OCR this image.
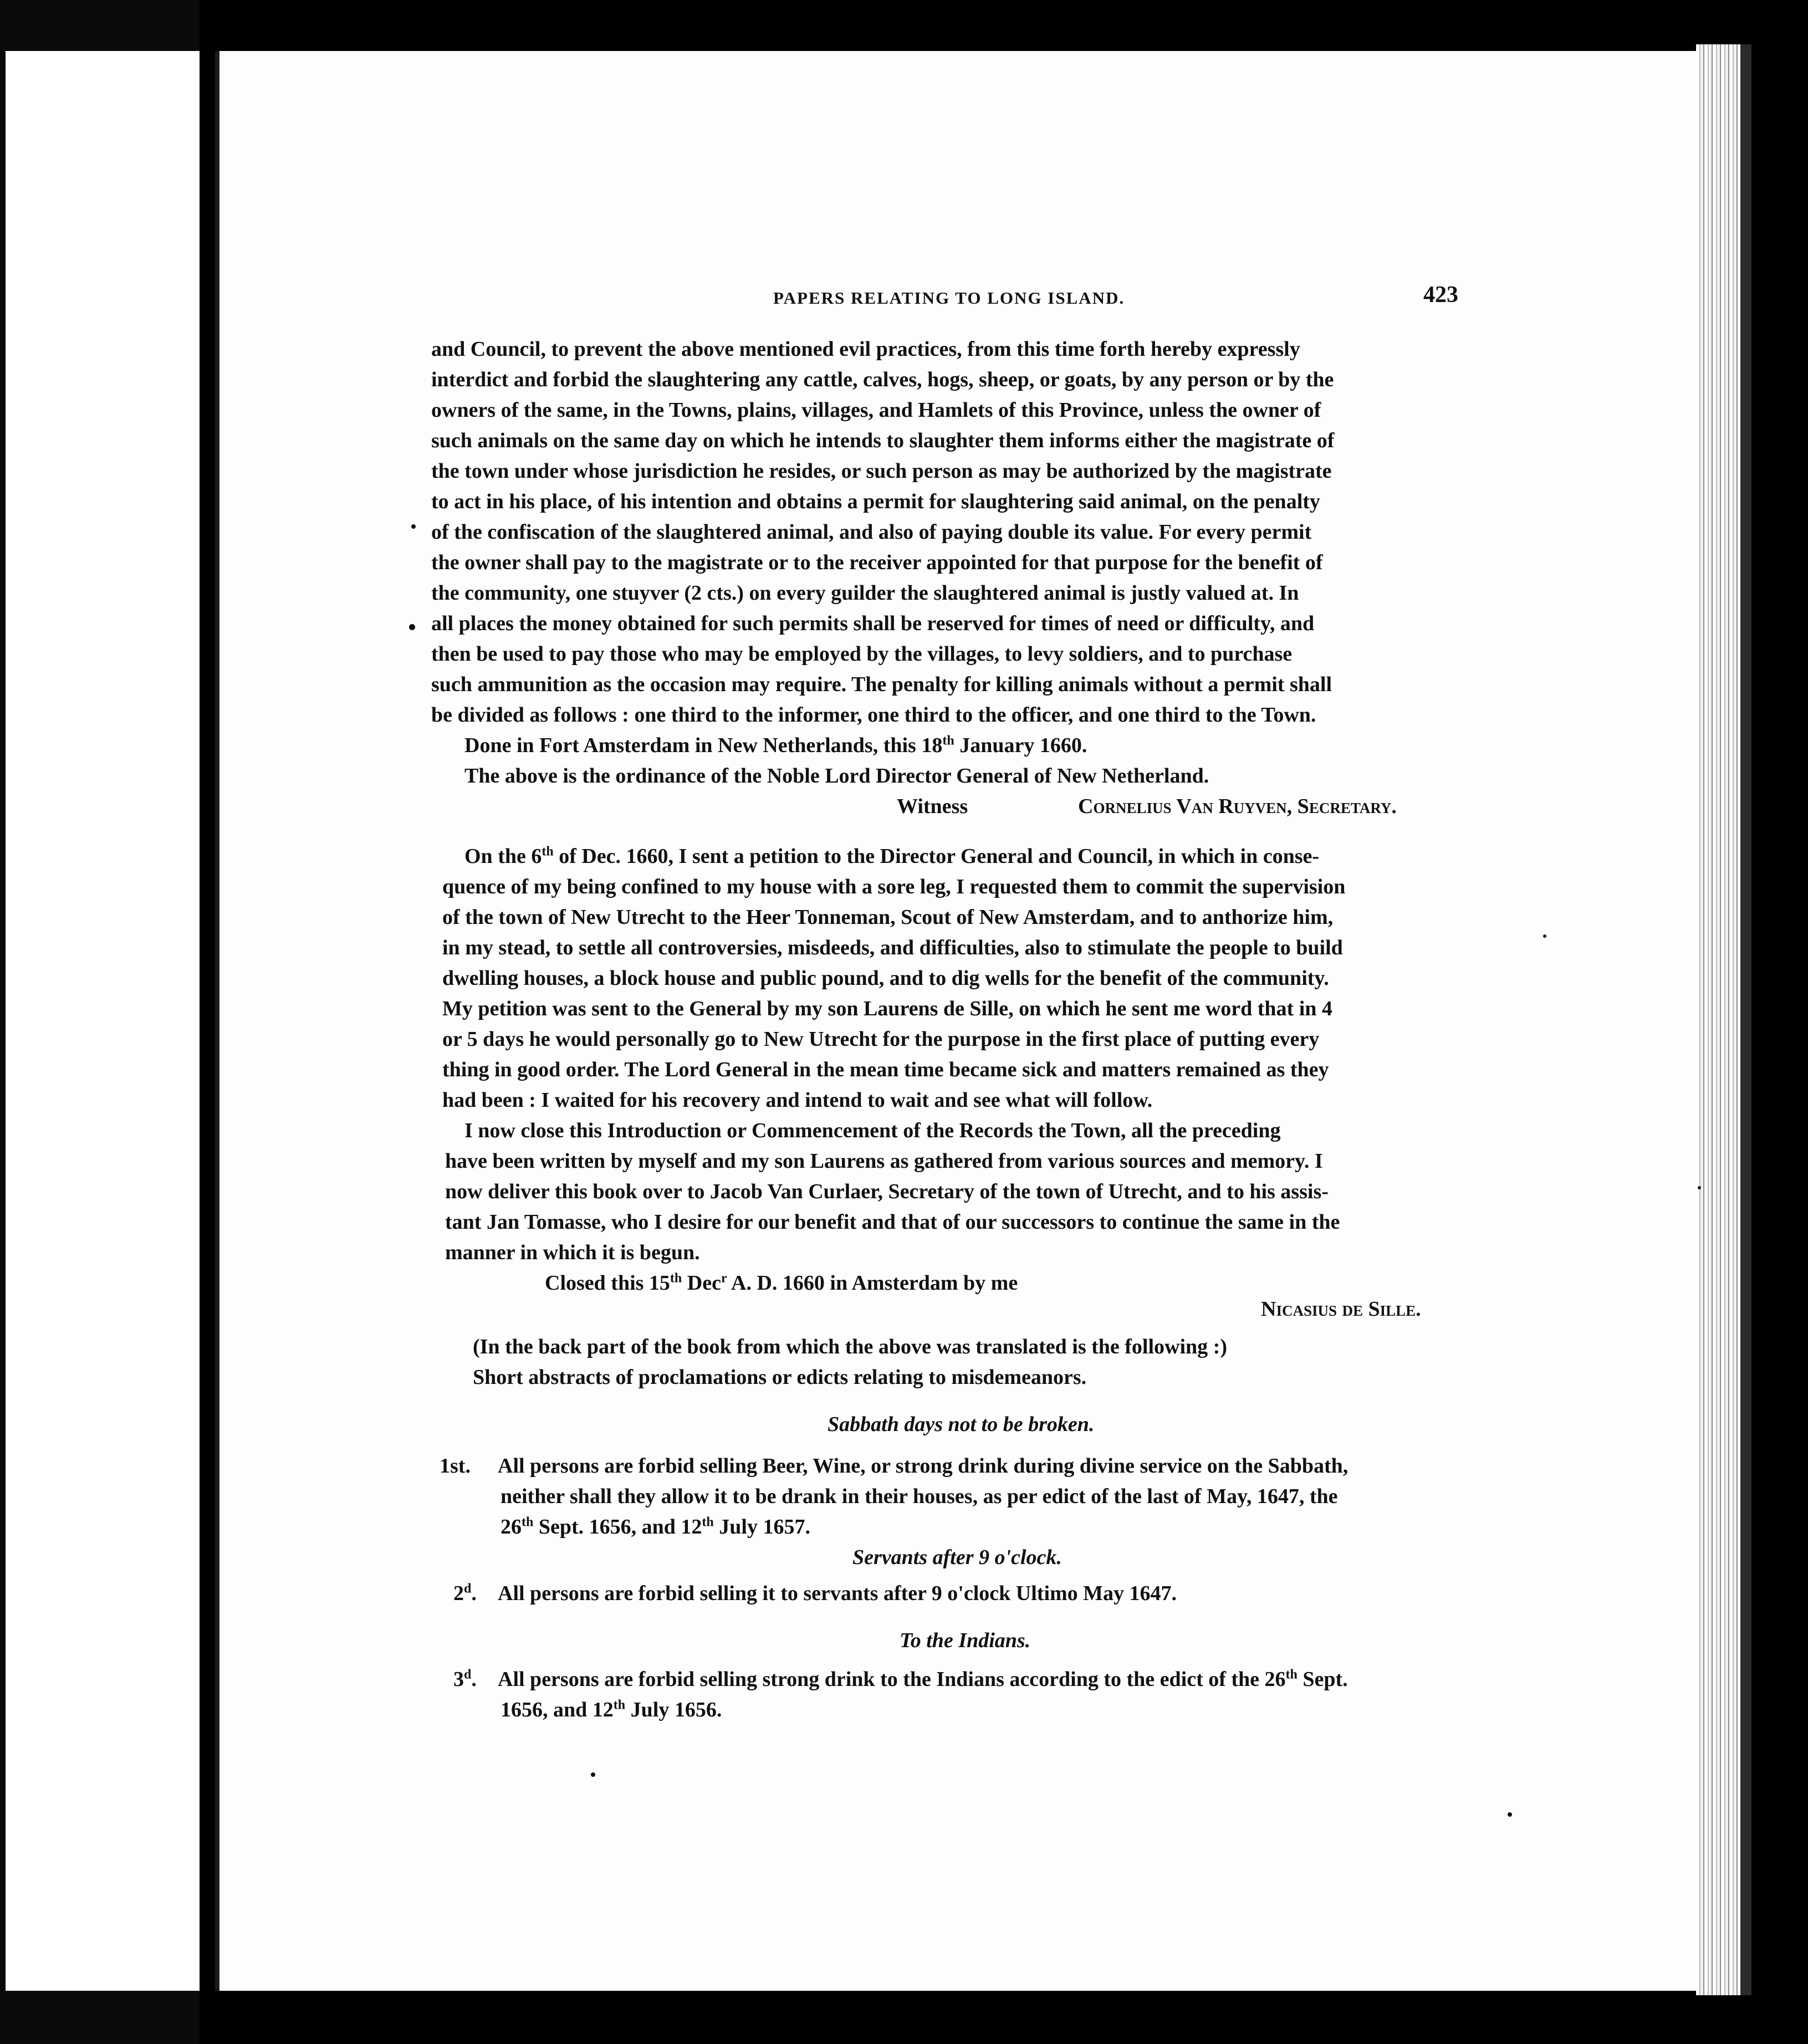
PAPERS RELATING TO LONG ISLAND.	423
and Council, to prevent the above mentioned evil practices, from this time forth hereby expressly
interdict and forbid the slaughtering any cattle, calves, hogs, sheep, or goats, by any person or by the
owners of the same, in the Towns, plains, villages, and Hamlets of this Province, unless the owner of
such animals on the same day on which he intends to slaughter them informs either the magistrate of
the town under whose jurisdiction he resides, or such person as may be authorized by the magistrate
to act in his place, of his intention and obtains a permit for slaughtering said animal, on the penalty
of the confiscation of the slaughtered animal, and also of paying double its value. For every permit
the owner shall pay to the magistrate or to the receiver appointed for that purpose for the benefit of
the community, one stuyver (2 cts.) on every guilder the slaughtered animal is justly valued at. In
all places the money obtained for such permits shall be reserved for times of need or difficulty, and
then be used to pay those who may be employed by the villages, to levy soldiers, and to purchase
such ammunition as the occasion may require. The penalty for killing animals without a permit shall
be divided as follows : one third to the informer, one third to the officer, and one third to the Town.
Done in Fort Amsterdam in New Netherlands, this 18th January 1660.
The above is the ordinance of the Noble Lord Director General of New Netherland.
Witness	Cornelius Van Ruyven, Secretary.
On the 6th of Dec. 1660, I sent a petition to the Director General and Council, in which in conse-
quence of my being confined to my house with a sore leg, I requested them to commit the supervision
of the town of New Utrecht to the Heer Tonneman, Scout of New Amsterdam, and to anthorize him,
in my stead, to settle all controversies, misdeeds, and difficulties, also to stimulate the people to build
dwelling houses, a block house and public pound, and to dig wells for the benefit of the community.
My petition was sent to the General by my son Laurens de Sille, on which he sent me word that in 4
or 5 days he would personally go to New Utrecht for the purpose in the first place of putting every
thing in good order. The Lord General in the mean time became sick and matters remained as they
had been : I waited for his recovery and intend to wait and see what will follow.
I now close this Introduction or Commencement of the Records the Town, all the preceding
have been written by myself and my son Laurens as gathered from various sources and memory. I
now deliver this book over to Jacob Van Curlaer, Secretary of the town of Utrecht, and to his assis-
tant Jan Tomasse, who I desire for our benefit and that of our successors to continue the same in the
manner in which it is begun.
Closed this 15th Dec$^r$ A. D. 1660 in Amsterdam by me
Nicasius de Sille.
(In the back part of the book from which the above was translated is the following :)
Short abstracts of proclamations or edicts relating to misdemeanors.
Sabbath days not to be broken.
1st. All persons are forbid selling Beer, Wine, or strong drink during divine service on the Sabbath,
neither shall they allow it to be drank in their houses, as per edict of the last of May, 1647, the
26th Sept. 1656, and 12th July 1657.
Servants after 9 o'clock.
2$^d$. All persons are forbid selling it to servants after 9 o'clock Ultimo May 1647.
To the Indians.
3$^d$. All persons are forbid selling strong drink to the Indians according to the edict of the 26th Sept.
1656, and 12th July 1656.
